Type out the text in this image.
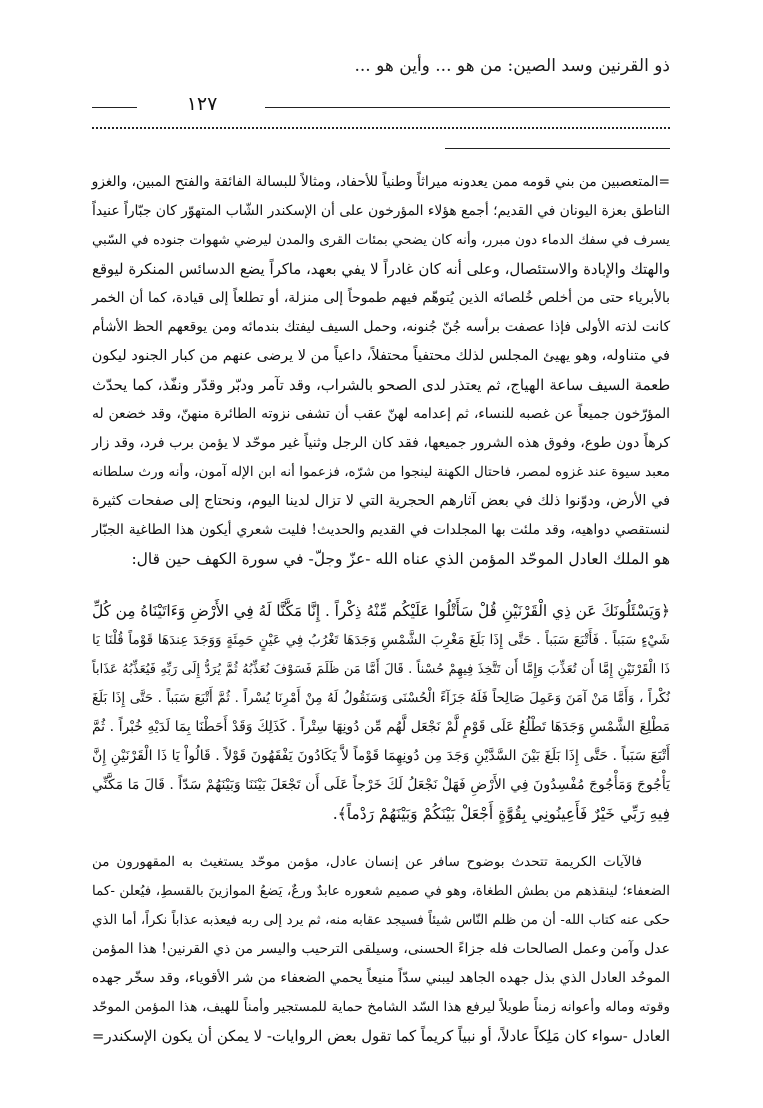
ذو القرنين وسد الصين: من هو ... وأين هو ...
١٢٧
=المتعصبين من بني قومه ممن يعدونه ميراثاً وطنياً للأحفاد، ومثالاً للبسالة الفائقة والفتح المبين، والغزو
الناطق بعزة اليونان في القديم؛ أجمع هؤلاء المؤرخون على أن الإسكندر الشّاب المتهوّر كان جبّاراً عنيداً
يسرف في سفك الدماء دون مبرر، وأنه كان يضحي بمئات القرى والمدن ليرضي شهوات جنوده في السّبي
والهتك والإبادة والاستئصال، وعلى أنه كان غادراً لا يفي بعهد، ماكراً يضع الدسائس المنكرة ليوقع
بالأبرياء حتى من أخلص خُلصائه الذين يُتوهّم فيهم طموحاً إلى منزلة، أو تطلعاً إلى قيادة، كما أن الخمر
كانت لذته الأولى فإذا عصفت برأسه جُنّ جُنونه، وحمل السيف ليفتك بندمائه ومن يوقعهم الحظ الأشأم
في متناوله، وهو يهيئ المجلس لذلك محتفياً محتفلاً، داعياً من لا يرضى عنهم من كبار الجنود ليكون
طعمة السيف ساعة الهياج، ثم يعتذر لدى الصحو بالشراب، وقد تآمر ودبّر وقدّر ونفّذ، كما يحدّث
المؤرّخون جميعاً عن غصبه للنساء، ثم إعدامه لهنّ عقب أن تشفى نزوته الطائرة منهنّ، وقد خضعن له
كرهاً دون طوع، وفوق هذه الشرور جميعها، فقد كان الرجل وثنياً غير موحّد لا يؤمن برب فرد، وقد زار
معبد سيوة عند غزوه لمصر، فاحتال الكهنة لينجوا من شرّه، فزعموا أنه ابن الإله آمون، وأنه ورث سلطانه
في الأرض، ودوّنوا ذلك في بعض آثارهم الحجرية التي لا تزال لدينا اليوم، ونحتاج إلى صفحات كثيرة
لنستقصي دواهيه، وقد ملئت بها المجلدات في القديم والحديث! فليت شعري أيكون هذا الطاغية الجبّار
هو الملك العادل الموحّد المؤمن الذي عناه الله -عزّ وجلّ- في سورة الكهف حين قال:
﴿وَيَسْئَلُونَكَ عَن ذِي الْقَرْنَيْنِ قُلْ سَأَتْلُوا عَلَيْكُم مِّنْهُ ذِكْراً . إِنَّا مَكَّنَّا لَهُ فِي الأَرْضِ وَءَاتَيْنَاهُ مِن كُلِّ
شَيْءٍ سَبَباً . فَأَتْبَعَ سَبَباً . حَتَّى إِذَا بَلَغَ مَغْرِبَ الشَّمْسِ وَجَدَهَا تَغْرُبُ فِي عَيْنٍ حَمِئَةٍ وَوَجَدَ عِندَهَا قَوْماً قُلْنَا يَا
ذَا الْقَرْنَيْنِ إِمَّا أَن تُعَذِّبَ وَإِمَّا أَن تَتَّخِذَ فِيهِمْ حُسْناً . قَالَ أَمَّا مَن ظَلَمَ فَسَوْفَ نُعَذِّبُهُ ثُمَّ يُرَدُّ إِلَى رَبِّهِ فَيُعَذِّبُهُ عَذَاباً
نُكْراً ، وَأَمَّا مَنْ آمَنَ وَعَمِلَ صَالِحاً فَلَهُ جَزَآءً الْحُسْنَى وَسَنَقُولُ لَهُ مِنْ أَمْرِنَا يُسْراً . ثُمَّ أَتْبَعَ سَبَباً . حَتَّى إِذَا بَلَغَ
مَطْلِعَ الشَّمْسِ وَجَدَهَا تَطْلُعُ عَلَى قَوْمٍ لَّمْ نَجْعَل لَّهُم مِّن دُونِهَا سِتْراً . كَذَلِكَ وَقَدْ أَحَطْنَا بِمَا لَدَيْهِ خُبْراً . ثُمَّ
أَتْبَعَ سَبَباً . حَتَّى إِذَا بَلَغَ بَيْنَ السَّدَّيْنِ وَجَدَ مِن دُونِهِمَا قَوْماً لاَّ يَكَادُونَ يَفْقَهُونَ قَوْلاً . قَالُواْ يَا ذَا الْقَرْنَيْنِ إِنَّ
يَأْجُوجَ وَمَأْجُوجَ مُفْسِدُونَ فِي الأَرْضِ فَهَلْ نَجْعَلُ لَكَ خَرْجاً عَلَى أَن تَجْعَلَ بَيْنَنَا وَبَيْنَهُمْ سَدّاً . قَالَ مَا مَكَّنِّي
فِيهِ رَبِّي خَيْرٌ فَأَعِينُونِي بِقُوَّةٍ أَجْعَلْ بَيْنَكُمْ وَبَيْنَهُمْ رَدْماً﴾.
فالآيات الكريمة تتحدث بوضوح سافر عن إنسان عادل، مؤمن موحّد يستغيث به المقهورون من
الضعفاء؛ لينقذهم من بطش الطغاة، وهو في صميم شعوره عابدٌ ورعٌ، يَضعُ الموازينَ بالقسطِ، فيُعلن -كما
حكى عنه كتاب الله- أن من ظلم النّاس شيئاً فسيجد عقابه منه، ثم يرد إلى ربه فيعذبه عذاباً نكراً، أما الذي
عدل وآمن وعمل الصالحات فله جزاءً الحسنى، وسيلقى الترحيب واليسر من ذي القرنين! هذا المؤمن
الموحُد العادل الذي بذل جهده الجاهد ليبني سدّاً منيعاً يحمي الضعفاء من شر الأقوياء، وقد سخّر جهده
وقوته وماله وأعوانه زمناً طويلاً ليرفع هذا السّد الشامخ حماية للمستجير وأمناً للهيف، هذا المؤمن الموحّد
العادل -سواء كان مَلِكاً عادلاً، أو نبياً كريماً كما تقول بعض الروايات- لا يمكن أن يكون الإسكندر=
